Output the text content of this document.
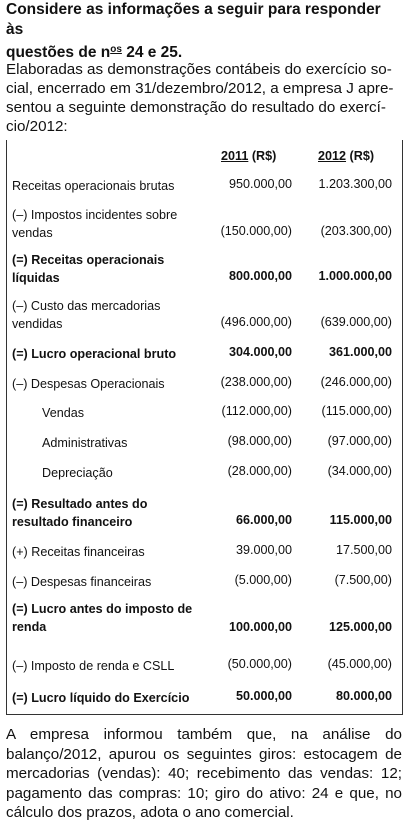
Considere as informações a seguir para responder às
questões de $n^{os}$ 24 e 25.
Elaboradas as demonstrações contábeis do exercício so-
cial, encerrado em 31/dezembro/2012, a empresa J apre-
sentou a seguinte demonstração do resultado do exercí-
cio/2012:
2011 (R$)	2012 (R$)
Receitas operacionais brutas	950.000,00 1.203.300,00
(–) Impostos incidentes sobre
vendas	(150.000,00) (203.300,00)
(=) Receitas operacionais
líquidas	800.000,00 1.000.000,00
(–) Custo das mercadorias
vendidas	(496.000,00) (639.000,00)
(=) Lucro operacional bruto	304.000,00	361.000,00
(–) Despesas Operacionais	(238.000,00) (246.000,00)
Vendas	(112.000,00) (115.000,00)
Administrativas	(98.000,00)	(97.000,00)
Depreciação	(28.000,00)	(34.000,00)
(=) Resultado antes do
resultado financeiro	66.000,00	115.000,00
(+) Receitas financeiras	39.000,00	17.500,00
(–) Despesas financeiras	(5.000,00)	(7.500,00)
(=) Lucro antes do imposto de
renda	100.000,00	125.000,00
(–) Imposto de renda e CSLL	(50.000,00)	(45.000,00)
(=) Lucro líquido do Exercício	50.000,00	80.000,00
A empresa informou também que, na análise do
balanço/2012, apurou os seguintes giros: estocagem de
mercadorias (vendas): 40; recebimento das vendas: 12;
pagamento das compras: 10; giro do ativo: 24 e que, no
cálculo dos prazos, adota o ano comercial.
